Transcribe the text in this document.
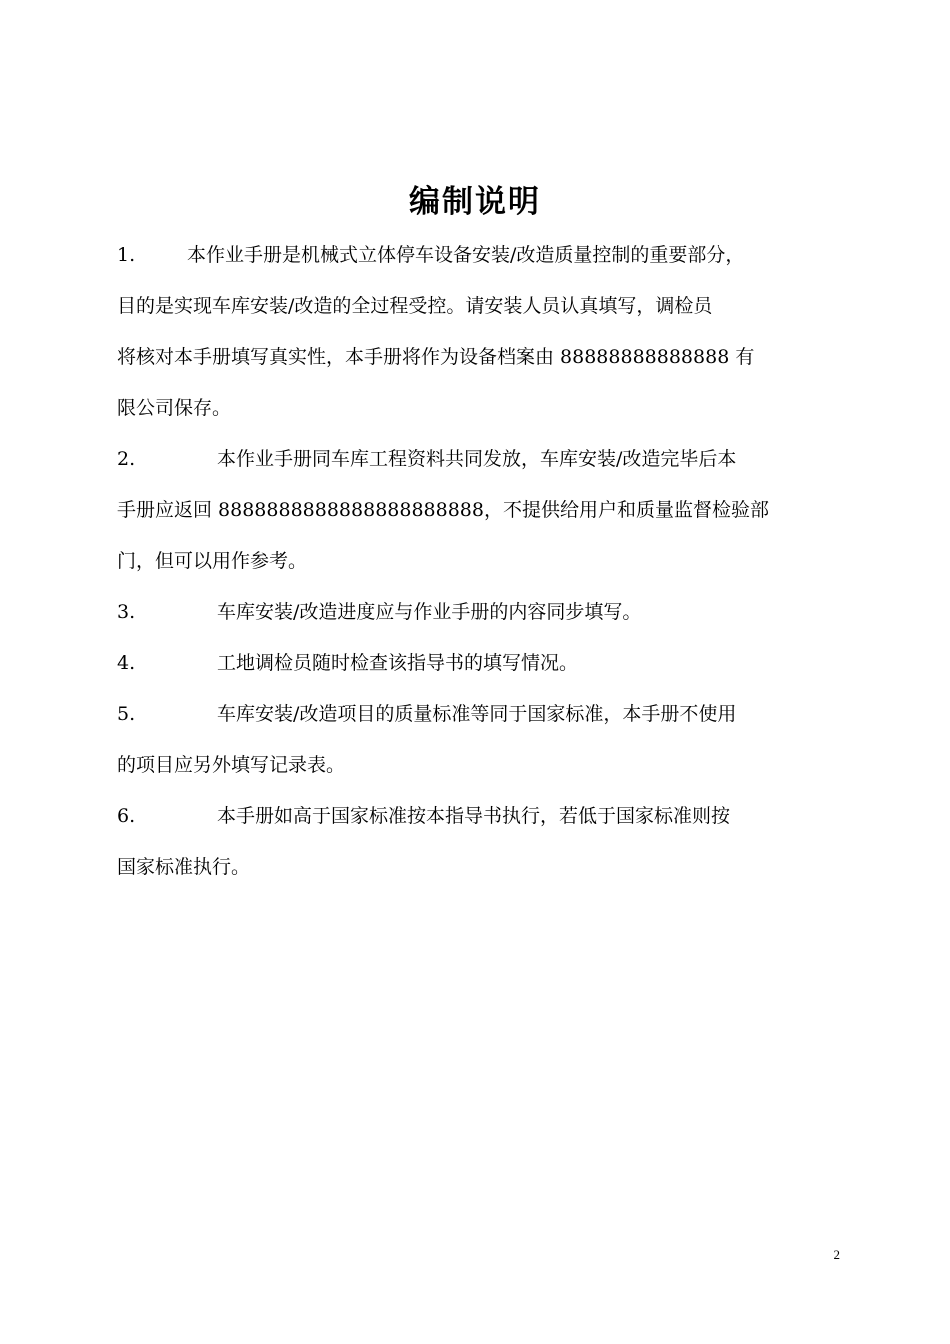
编制说明
1.	本作业手册是机械式立体停车设备安装/改造质量控制的重要部分，
目的是实现车库安装/改造的全过程受控。请安装人员认真填写，调检员
将核对本手册填写真实性，本手册将作为设备档案由 88888888888888 有
限公司保存。
2.	本作业手册同车库工程资料共同发放，车库安装/改造完毕后本
手册应返回 8888888888888888888888，不提供给用户和质量监督检验部
门，但可以用作参考。
3.	车库安装/改造进度应与作业手册的内容同步填写。
4.	工地调检员随时检查该指导书的填写情况。
5.	车库安装/改造项目的质量标准等同于国家标准，本手册不使用
的项目应另外填写记录表。
6.	本手册如高于国家标准按本指导书执行，若低于国家标准则按
国家标准执行。
2
